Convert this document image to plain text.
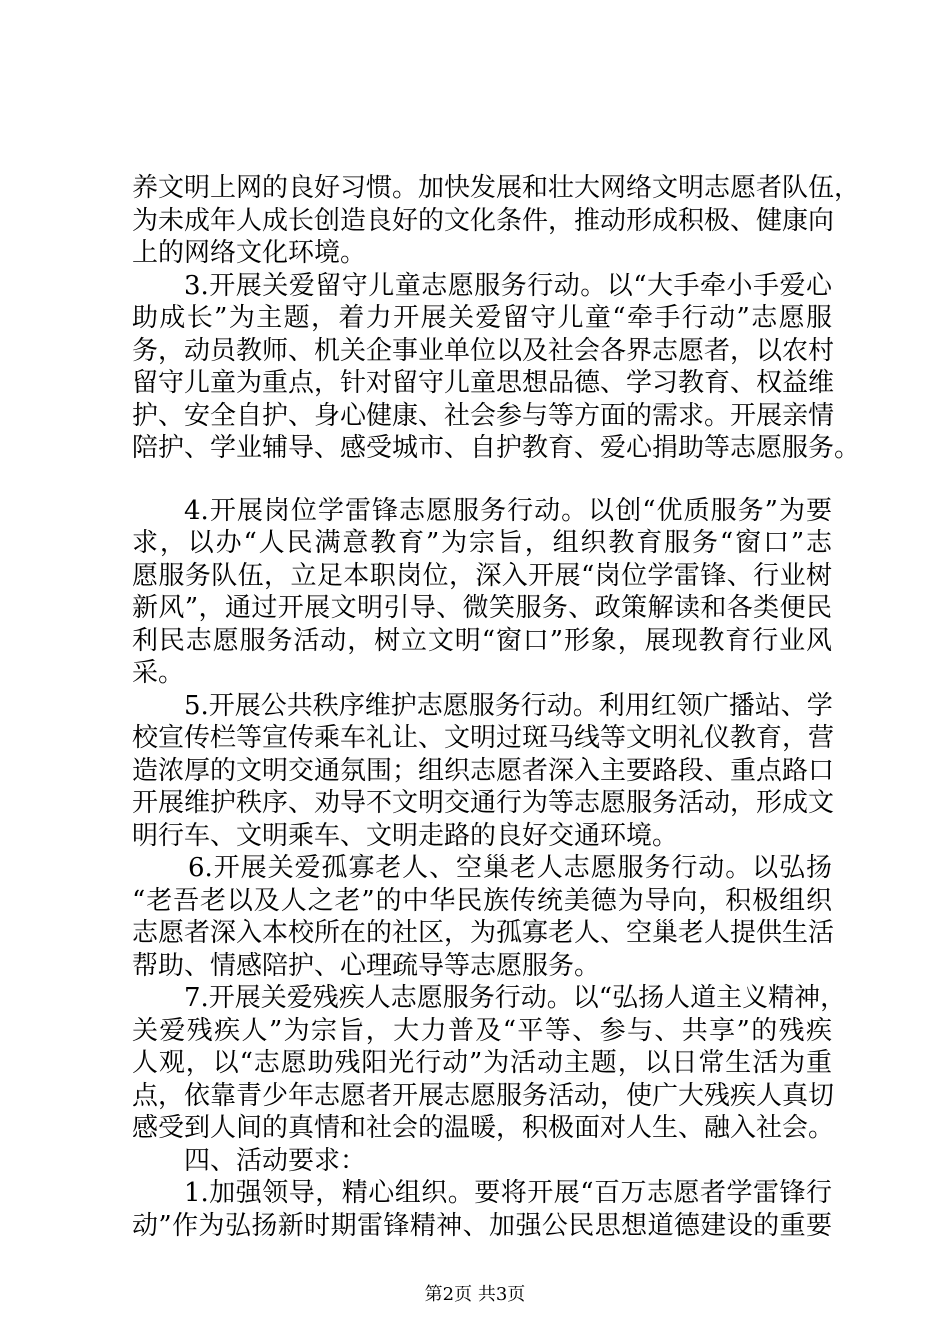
养文明上网的良好习惯。加快发展和壮大网络文明志愿者队伍，
为未成年人成长创造良好的文化条件，推动形成积极、健康向
上的网络文化环境。
3.开展关爱留守儿童志愿服务行动。以“大手牵小手爱心
助成长”为主题，着力开展关爱留守儿童“牵手行动”志愿服
务，动员教师、机关企事业单位以及社会各界志愿者，以农村
留守儿童为重点，针对留守儿童思想品德、学习教育、权益维
护、安全自护、身心健康、社会参与等方面的需求。开展亲情
陪护、学业辅导、感受城市、自护教育、爱心捐助等志愿服务。
4.开展岗位学雷锋志愿服务行动。以创“优质服务”为要
求，以办“人民满意教育”为宗旨，组织教育服务“窗口”志
愿服务队伍，立足本职岗位，深入开展“岗位学雷锋、行业树
新风”，通过开展文明引导、微笑服务、政策解读和各类便民
利民志愿服务活动，树立文明“窗口”形象，展现教育行业风
采。
5.开展公共秩序维护志愿服务行动。利用红领广播站、学
校宣传栏等宣传乘车礼让、文明过斑马线等文明礼仪教育，营
造浓厚的文明交通氛围；组织志愿者深入主要路段、重点路口
开展维护秩序、劝导不文明交通行为等志愿服务活动，形成文
明行车、文明乘车、文明走路的良好交通环境。
6.开展关爱孤寡老人、空巢老人志愿服务行动。以弘扬
“老吾老以及人之老”的中华民族传统美德为导向，积极组织
志愿者深入本校所在的社区，为孤寡老人、空巢老人提供生活
帮助、情感陪护、心理疏导等志愿服务。
7.开展关爱残疾人志愿服务行动。以“弘扬人道主义精神，
关爱残疾人”为宗旨，大力普及“平等、参与、共享”的残疾
人观，以“志愿助残阳光行动”为活动主题，以日常生活为重
点，依靠青少年志愿者开展志愿服务活动，使广大残疾人真切
感受到人间的真情和社会的温暖，积极面对人生、融入社会。
四、活动要求：
1.加强领导，精心组织。要将开展“百万志愿者学雷锋行
动”作为弘扬新时期雷锋精神、加强公民思想道德建设的重要
第2页 共3页
